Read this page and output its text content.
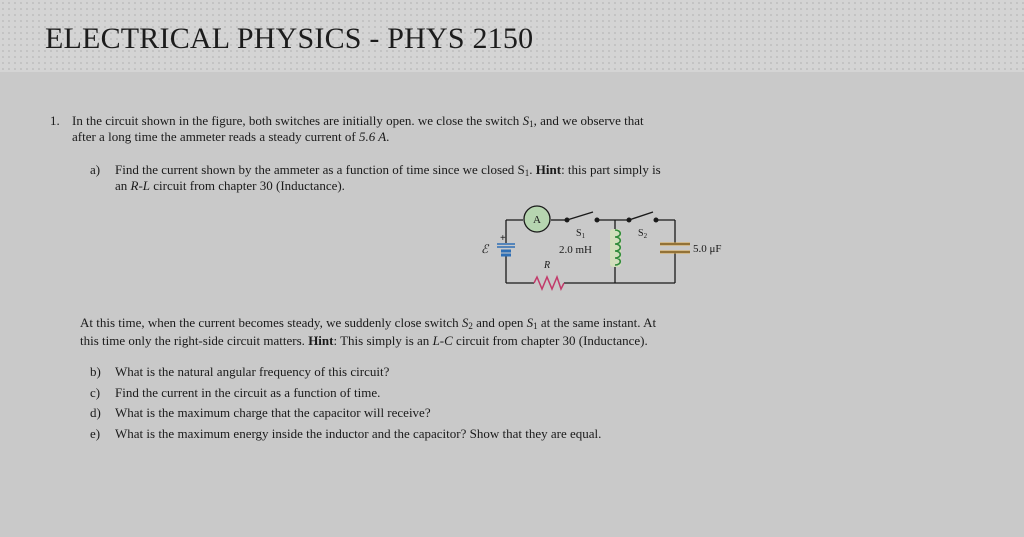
ELECTRICAL PHYSICS - PHYS 2150
1. In the circuit shown in the figure, both switches are initially open. we close the switch $S_1$, and we observe that
after a long time the ammeter reads a steady current of 5.6 A.
a) Find the current shown by the ammeter as a function of time since we closed $S_1$. Hint: this part simply is
an R-L circuit from chapter 30 (Inductance).
A
+
ℰ	2.0 mH
R
5.0 μF
$S_1$	$S_2$
At this time, when the current becomes steady, we suddenly close switch $S_2$ and open $S_1$ at the same instant. At
this time only the right-side circuit matters. Hint: This simply is an L-C circuit from chapter 30 (Inductance).
b) What is the natural angular frequency of this circuit?
c) Find the current in the circuit as a function of time.
d) What is the maximum charge that the capacitor will receive?
e) What is the maximum energy inside the inductor and the capacitor? Show that they are equal.
